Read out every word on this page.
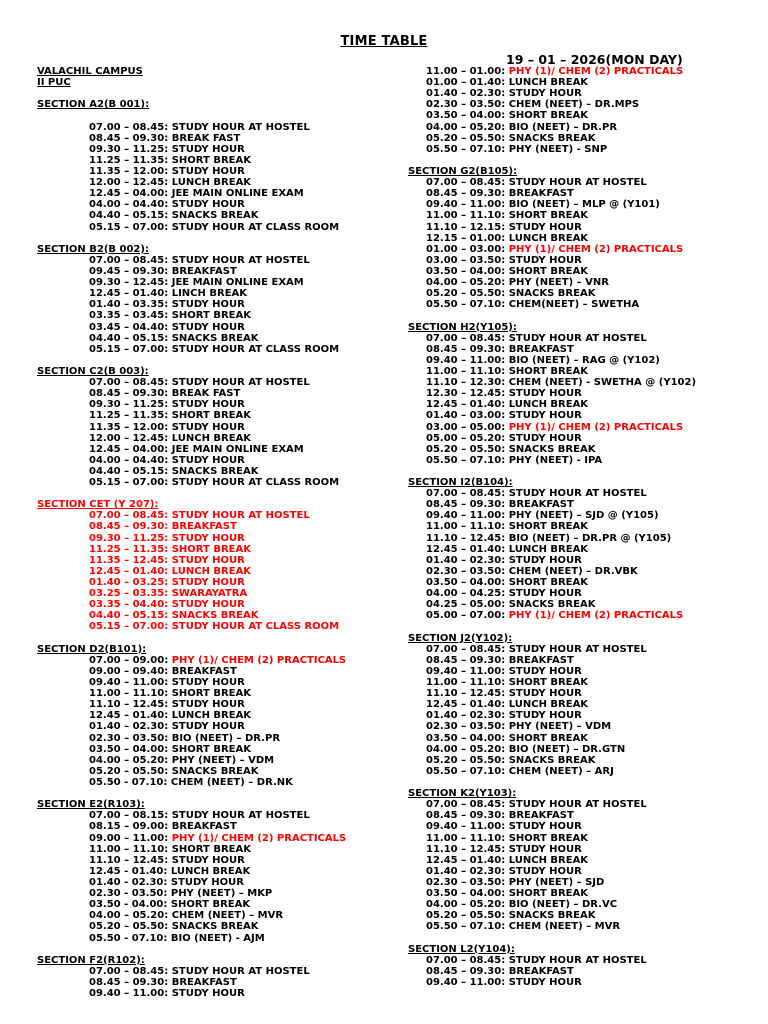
TIME TABLE
19 – 01 – 2026(MON DAY)
VALACHIL CAMPUS
II PUC
SECTION A2(B 001):
07.00 – 08.45: STUDY HOUR AT HOSTEL
08.45 – 09.30: BREAK FAST
09.30 – 11.25: STUDY HOUR
11.25 – 11.35: SHORT BREAK
11.35 – 12.00: STUDY HOUR
12.00 – 12.45: LUNCH BREAK
12.45 – 04.00: JEE MAIN ONLINE EXAM
04.00 – 04.40: STUDY HOUR
04.40 – 05.15: SNACKS BREAK
05.15 – 07.00: STUDY HOUR AT CLASS ROOM
SECTION B2(B 002):
07.00 – 08.45: STUDY HOUR AT HOSTEL
09.45 – 09.30: BREAKFAST
09.30 – 12.45: JEE MAIN ONLINE EXAM
12.45 – 01.40: LINCH BREAK
01.40 – 03.35: STUDY HOUR
03.35 – 03.45: SHORT BREAK
03.45 – 04.40: STUDY HOUR
04.40 – 05.15: SNACKS BREAK
05.15 – 07.00: STUDY HOUR AT CLASS ROOM
SECTION C2(B 003):
07.00 – 08.45: STUDY HOUR AT HOSTEL
08.45 – 09.30: BREAK FAST
09.30 – 11.25: STUDY HOUR
11.25 – 11.35: SHORT BREAK
11.35 – 12.00: STUDY HOUR
12.00 – 12.45: LUNCH BREAK
12.45 – 04.00: JEE MAIN ONLINE EXAM
04.00 – 04.40: STUDY HOUR
04.40 – 05.15: SNACKS BREAK
05.15 – 07.00: STUDY HOUR AT CLASS ROOM
SECTION CET (Y 207):
07.00 – 08.45: STUDY HOUR AT HOSTEL
08.45 – 09.30: BREAKFAST
09.30 – 11.25: STUDY HOUR
11.25 – 11.35: SHORT BREAK
11.35 – 12.45: STUDY HOUR
12.45 – 01.40: LUNCH BREAK
01.40 – 03.25: STUDY HOUR
03.25 – 03.35: SWARAYATRA
03.35 – 04.40: STUDY HOUR
04.40 – 05.15: SNACKS BREAK
05.15 – 07.00: STUDY HOUR AT CLASS ROOM
SECTION D2(B101):
07.00 – 09.00: PHY (1)/ CHEM (2) PRACTICALS
09.00 – 09.40: BREAKFAST
09.40 – 11.00: STUDY HOUR
11.00 – 11.10: SHORT BREAK
11.10 – 12.45: STUDY HOUR
12.45 – 01.40: LUNCH BREAK
01.40 – 02.30: STUDY HOUR
02.30 – 03.50: BIO (NEET) – DR.PR
03.50 – 04.00: SHORT BREAK
04.00 – 05.20: PHY (NEET) – VDM
05.20 – 05.50: SNACKS BREAK
05.50 - 07.10: CHEM (NEET) – DR.NK
SECTION E2(R103):
07.00 – 08.15: STUDY HOUR AT HOSTEL
08.15 – 09.00: BREAKFAST
09.00 – 11.00: PHY (1)/ CHEM (2) PRACTICALS
11.00 – 11.10: SHORT BREAK
11.10 – 12.45: STUDY HOUR
12.45 - 01.40: LUNCH BREAK
01.40 - 02.30: STUDY HOUR
02.30 - 03.50: PHY (NEET) – MKP
03.50 - 04.00: SHORT BREAK
04.00 – 05.20: CHEM (NEET) – MVR
05.20 – 05.50: SNACKS BREAK
05.50 - 07.10: BIO (NEET) - AJM
SECTION F2(R102):
07.00 – 08.45: STUDY HOUR AT HOSTEL
08.45 – 09.30: BREAKFAST
09.40 – 11.00: STUDY HOUR
11.00 – 01.00: PHY (1)/ CHEM (2) PRACTICALS
01.00 – 01.40: LUNCH BREAK
01.40 – 02.30: STUDY HOUR
02.30 – 03.50: CHEM (NEET) – DR.MPS
03.50 – 04.00: SHORT BREAK
04.00 – 05.20: BIO (NEET) – DR.PR
05.20 – 05.50: SNACKS BREAK
05.50 – 07.10: PHY (NEET) - SNP
SECTION G2(B105):
07.00 – 08.45: STUDY HOUR AT HOSTEL
08.45 – 09.30: BREAKFAST
09.40 – 11.00: BIO (NEET) – MLP @ (Y101)
11.00 – 11.10: SHORT BREAK
11.10 – 12.15: STUDY HOUR
12.15 – 01.00: LUNCH BREAK
01.00 – 03.00: PHY (1)/ CHEM (2) PRACTICALS
03.00 – 03.50: STUDY HOUR
03.50 – 04.00: SHORT BREAK
04.00 – 05.20: PHY (NEET) – VNR
05.20 – 05.50: SNACKS BREAK
05.50 – 07.10: CHEM(NEET) – SWETHA
SECTION H2(Y105):
07.00 – 08.45: STUDY HOUR AT HOSTEL
08.45 – 09.30: BREAKFAST
09.40 – 11.00: BIO (NEET) – RAG @ (Y102)
11.00 – 11.10: SHORT BREAK
11.10 – 12.30: CHEM (NEET) - SWETHA @ (Y102)
12.30 – 12.45: STUDY HOUR
12.45 – 01.40: LUNCH BREAK
01.40 – 03.00: STUDY HOUR
03.00 – 05.00: PHY (1)/ CHEM (2) PRACTICALS
05.00 – 05.20: STUDY HOUR
05.20 – 05.50: SNACKS BREAK
05.50 – 07.10: PHY (NEET) - IPA
SECTION I2(B104):
07.00 – 08.45: STUDY HOUR AT HOSTEL
08.45 – 09.30: BREAKFAST
09.40 – 11.00: PHY (NEET) – SJD @ (Y105)
11.00 – 11.10: SHORT BREAK
11.10 – 12.45: BIO (NEET) – DR.PR @ (Y105)
12.45 – 01.40: LUNCH BREAK
01.40 – 02.30: STUDY HOUR
02.30 – 03.50: CHEM (NEET) – DR.VBK
03.50 – 04.00: SHORT BREAK
04.00 – 04.25: STUDY HOUR
04.25 – 05.00: SNACKS BREAK
05.00 – 07.00: PHY (1)/ CHEM (2) PRACTICALS
SECTION J2(Y102):
07.00 – 08.45: STUDY HOUR AT HOSTEL
08.45 – 09.30: BREAKFAST
09.40 – 11.00: STUDY HOUR
11.00 – 11.10: SHORT BREAK
11.10 – 12.45: STUDY HOUR
12.45 – 01.40: LUNCH BREAK
01.40 – 02.30: STUDY HOUR
02.30 – 03.50: PHY (NEET) – VDM
03.50 – 04.00: SHORT BREAK
04.00 – 05.20: BIO (NEET) – DR.GTN
05.20 – 05.50: SNACKS BREAK
05.50 – 07.10: CHEM (NEET) – ARJ
SECTION K2(Y103):
07.00 – 08.45: STUDY HOUR AT HOSTEL
08.45 – 09.30: BREAKFAST
09.40 – 11.00: STUDY HOUR
11.00 – 11.10: SHORT BREAK
11.10 – 12.45: STUDY HOUR
12.45 – 01.40: LUNCH BREAK
01.40 – 02.30: STUDY HOUR
02.30 – 03.50: PHY (NEET) – SJD
03.50 – 04.00: SHORT BREAK
04.00 – 05.20: BIO (NEET) – DR.VC
05.20 – 05.50: SNACKS BREAK
05.50 – 07.10: CHEM (NEET) – MVR
SECTION L2(Y104):
07.00 – 08.45: STUDY HOUR AT HOSTEL
08.45 – 09.30: BREAKFAST
09.40 – 11.00: STUDY HOUR
